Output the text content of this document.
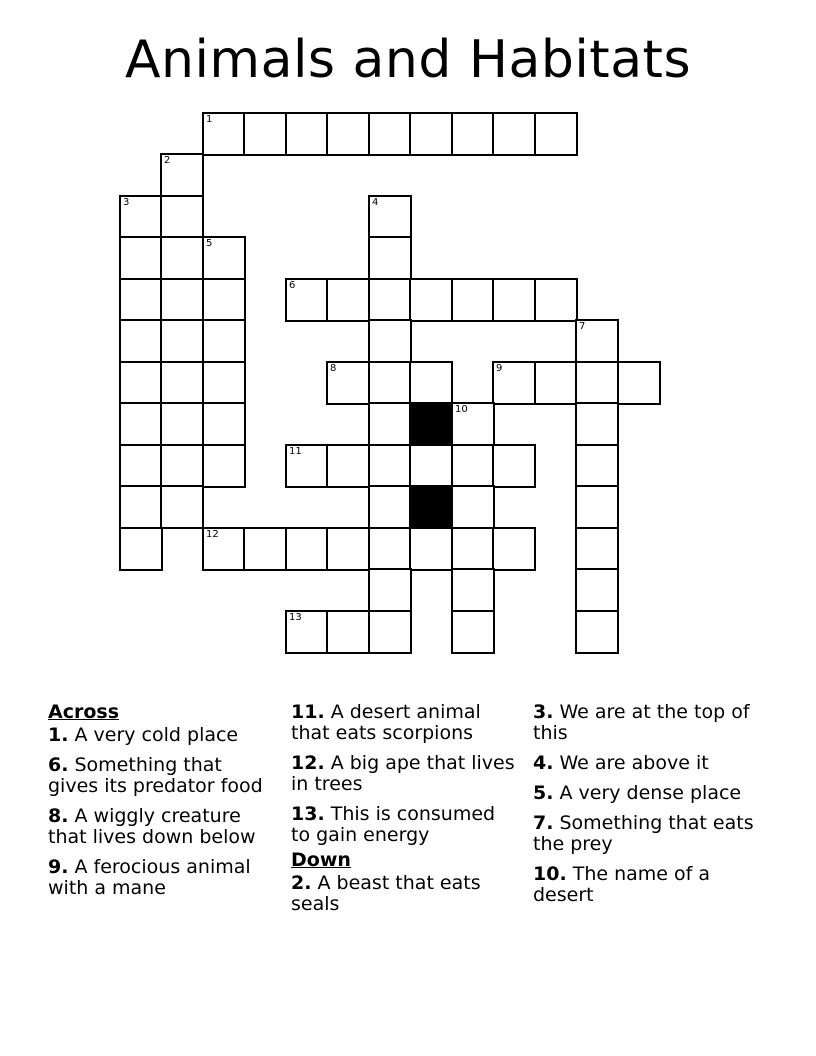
Animals and Habitats
1
2
3	4
5
6
7
8	9
10
11
12
13
Across
1. A very cold place
6. Something that gives its predator food
8. A wiggly creature that lives down below
9. A ferocious animal with a mane
11. A desert animal that eats scorpions
12. A big ape that lives in trees
13. This is consumed to gain energy
Down
2. A beast that eats seals
3. We are at the top of this
4. We are above it
5. A very dense place
7. Something that eats the prey
10. The name of a desert
